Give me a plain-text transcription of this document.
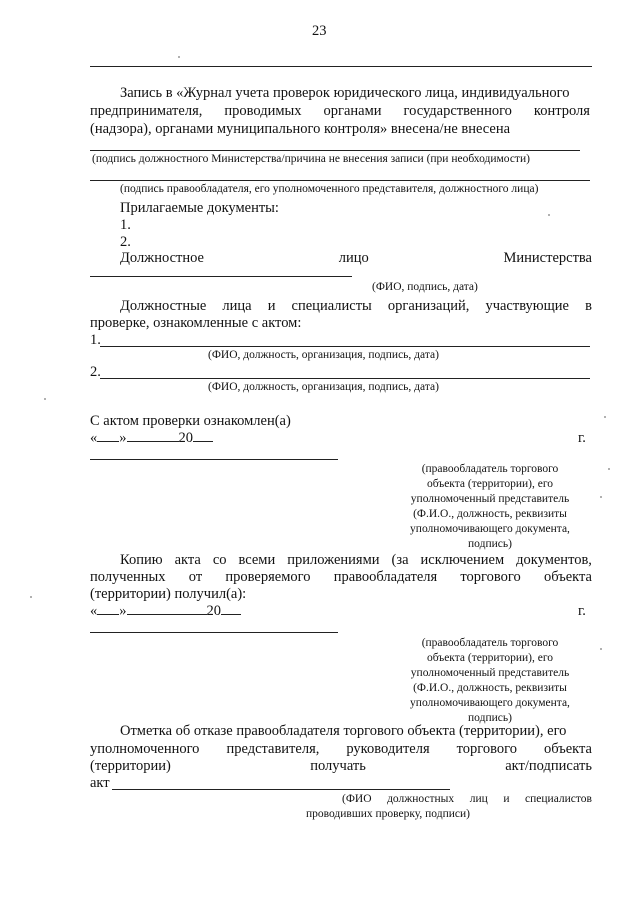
23
Запись в «Журнал учета проверок юридического лица, индивидуального
предпринимателя, проводимых органами государственного контроля
(надзора), органами муниципального контроля» внесена/не внесена
(подпись должностного Министерства/причина не внесения записи (при необходимости)
(подпись правообладателя, его уполномоченного представителя, должностного лица)
Прилагаемые документы:
1.
2.
Должностное	лицо	Министерства
(ФИО, подпись, дата)
Должностные лица и специалисты организаций, участвующие в
проверке, ознакомленные с актом:
1.
(ФИО, должность, организация, подпись, дата)
2.
(ФИО, должность, организация, подпись, дата)
С актом проверки ознакомлен(а)
« »	20	г.
(правообладатель торгового
объекта (территории), его
уполномоченный представитель
(Ф.И.О., должность, реквизиты
уполномочивающего документа,
подпись)
Копию акта со всеми приложениями (за исключением документов,
полученных от проверяемого правообладателя торгового объекта
(территории) получил(а):
« »	20	г.
(правообладатель торгового
объекта (территории), его
уполномоченный представитель
(Ф.И.О., должность, реквизиты
уполномочивающего документа,
подпись)
Отметка об отказе правообладателя торгового объекта (территории), его
уполномоченного представителя, руководителя торгового объекта
(территории)	получать	акт/подписать
акт
(ФИО должностных лиц и специалистов
проводивших проверку, подписи)
